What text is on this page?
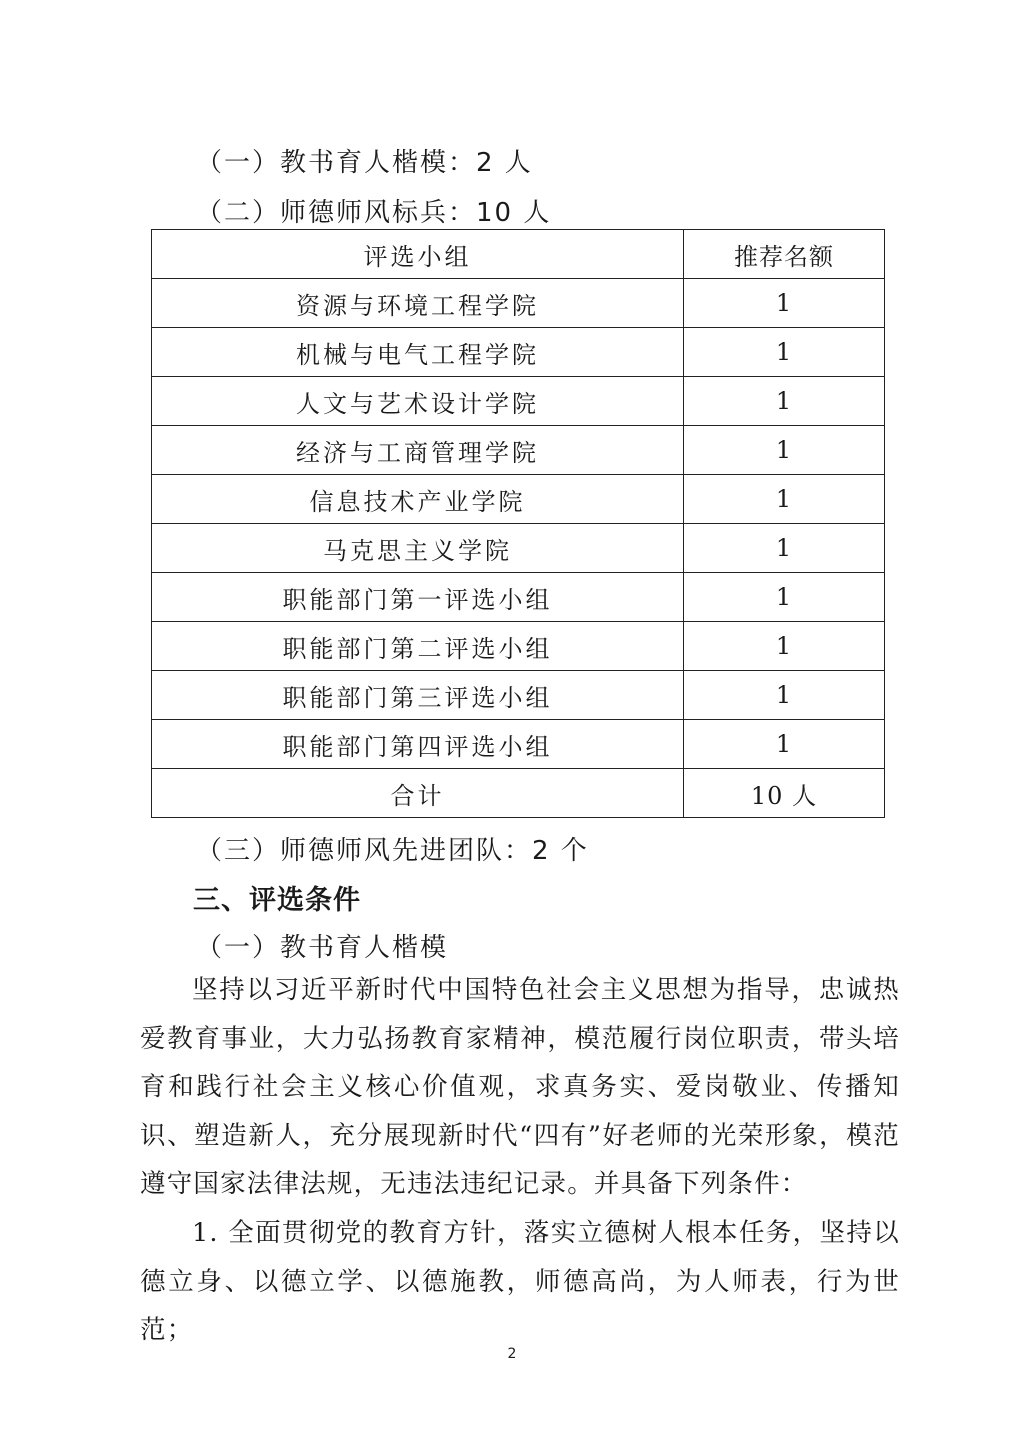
（一）教书育人楷模：2 人
（二）师德师风标兵：10 人
评选小组	推荐名额
资源与环境工程学院	1
机械与电气工程学院	1
人文与艺术设计学院	1
经济与工商管理学院	1
信息技术产业学院	1
马克思主义学院	1
职能部门第一评选小组	1
职能部门第二评选小组	1
职能部门第三评选小组	1
职能部门第四评选小组	1
合计	10 人
（三）师德师风先进团队：2 个
三、评选条件
（一）教书育人楷模

坚持以习近平新时代中国特色社会主义思想为指导，忠诚热爱教育事业，大力弘扬教育家精神，模范履行岗位职责，带头培育和践行社会主义核心价值观，求真务实、爱岗敬业、传播知识、塑造新人，充分展现新时代“四有”好老师的光荣形象，模范遵守国家法律法规，无违法违纪记录。并具备下列条件：

1. 全面贯彻党的教育方针，落实立德树人根本任务，坚持以德立身、以德立学、以德施教，师德高尚，为人师表，行为世范；

2
